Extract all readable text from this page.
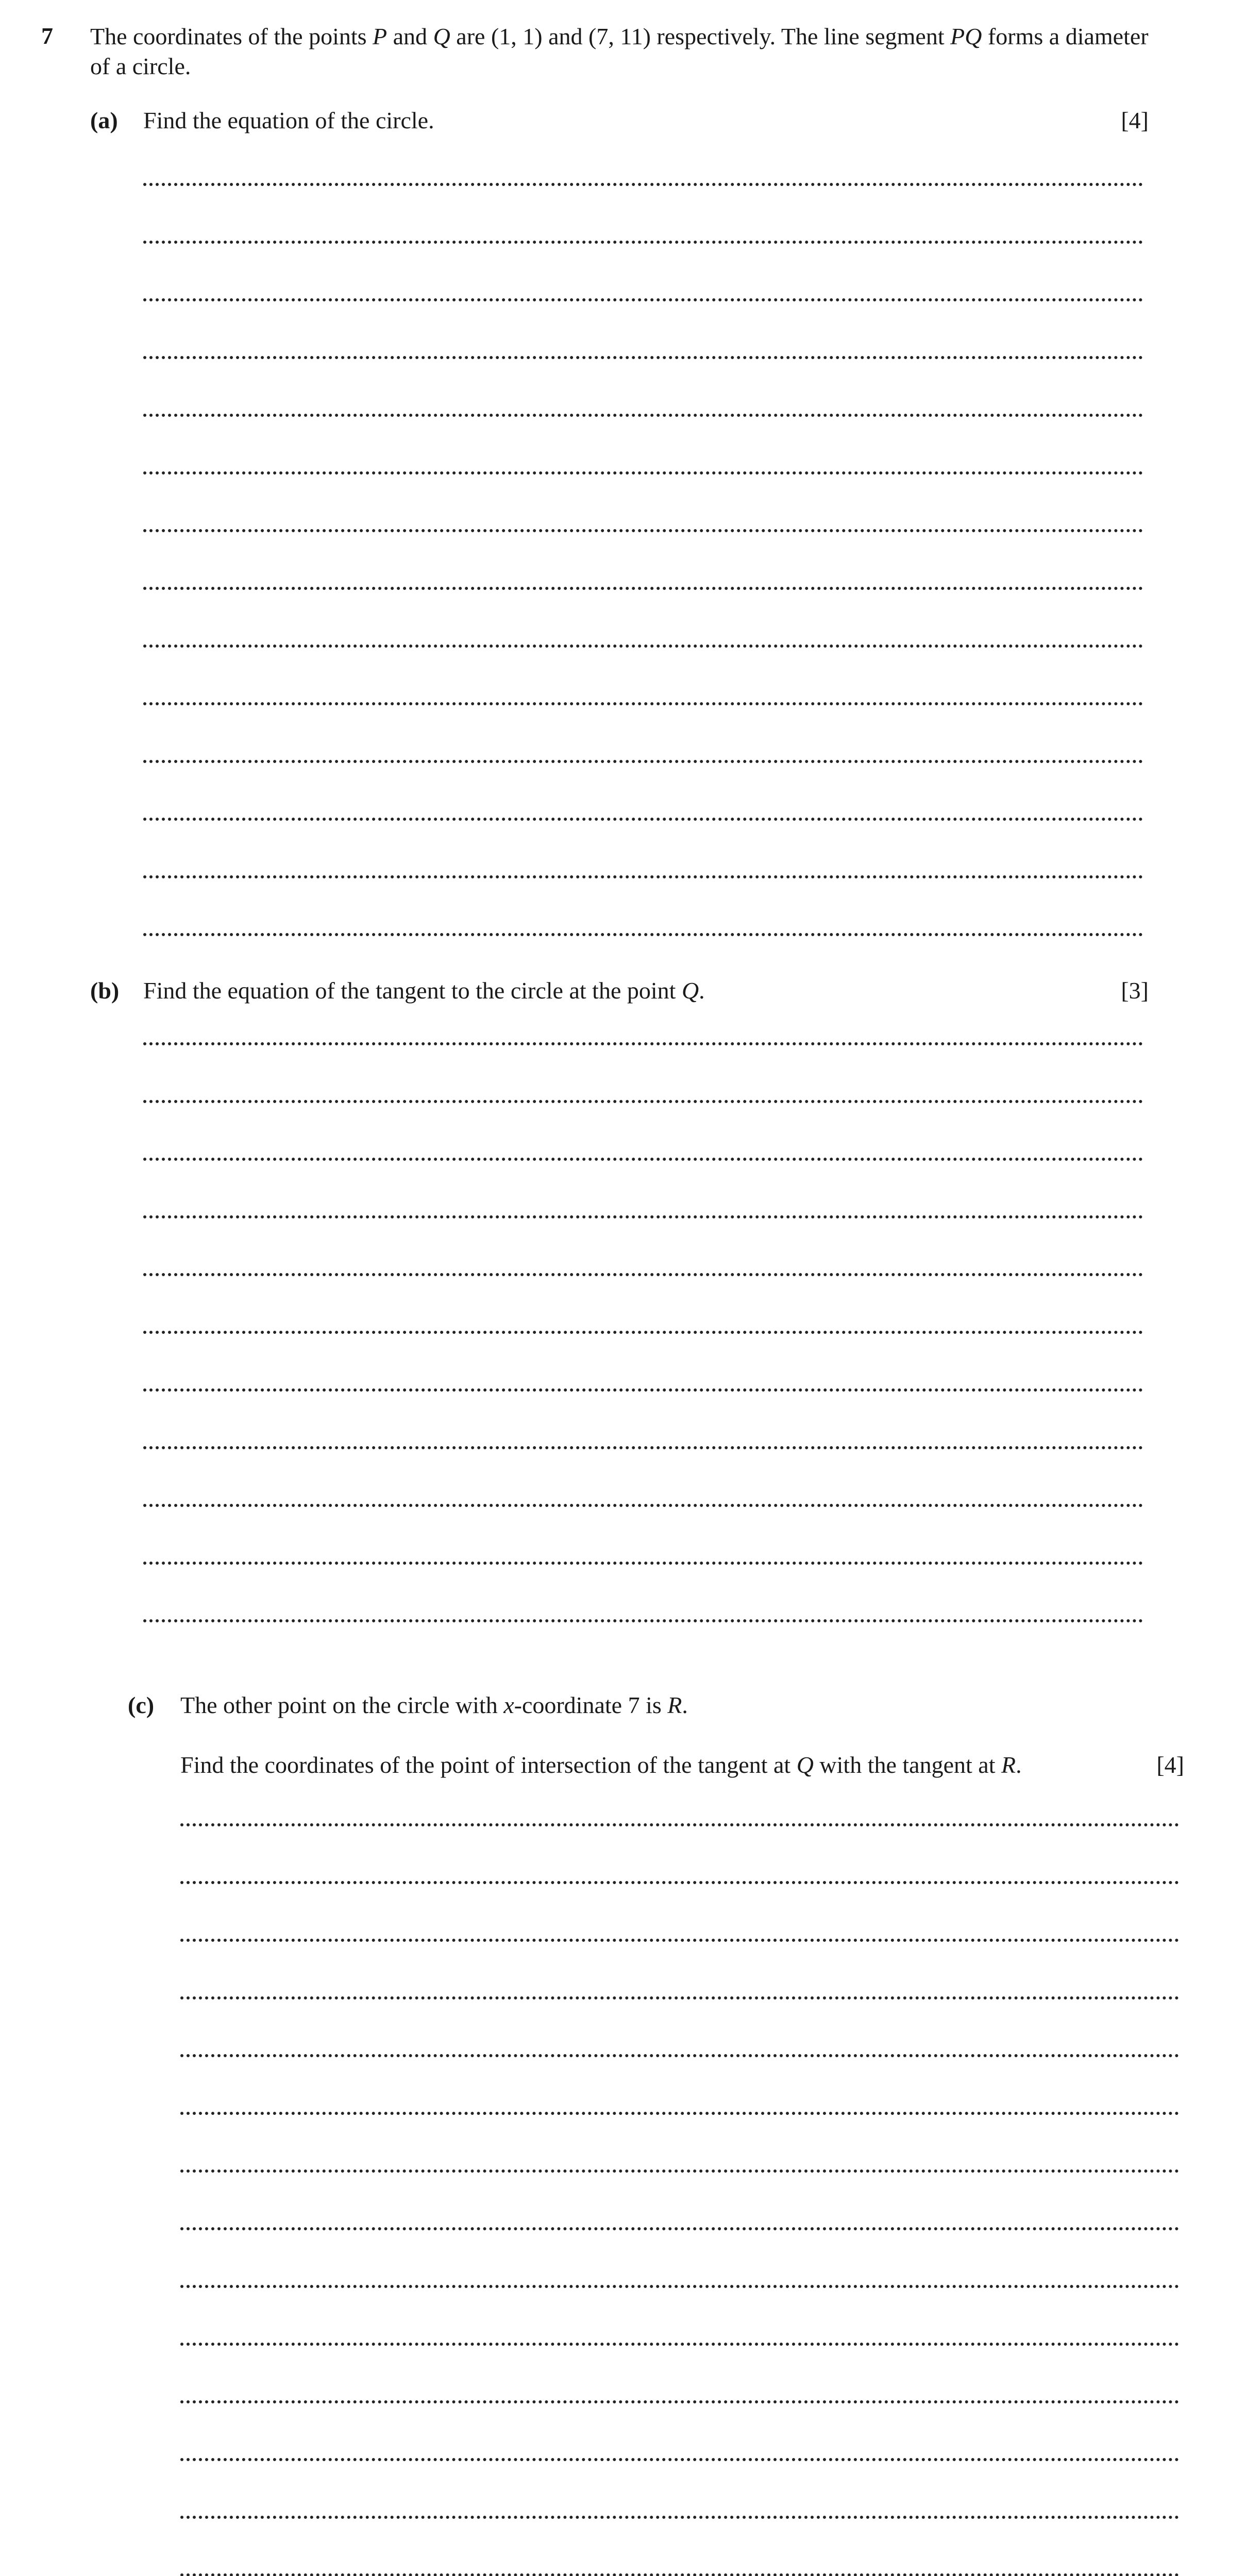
7 The coordinates of the points P and Q are (1, 1) and (7, 11) respectively. The line segment PQ forms a diameter of a circle.
(a) Find the equation of the circle.	[4]
(b) Find the equation of the tangent to the circle at the point Q.	[3]
(c) The other point on the circle with x-coordinate 7 is R.
Find the coordinates of the point of intersection of the tangent at Q with the tangent at R.	[4]
